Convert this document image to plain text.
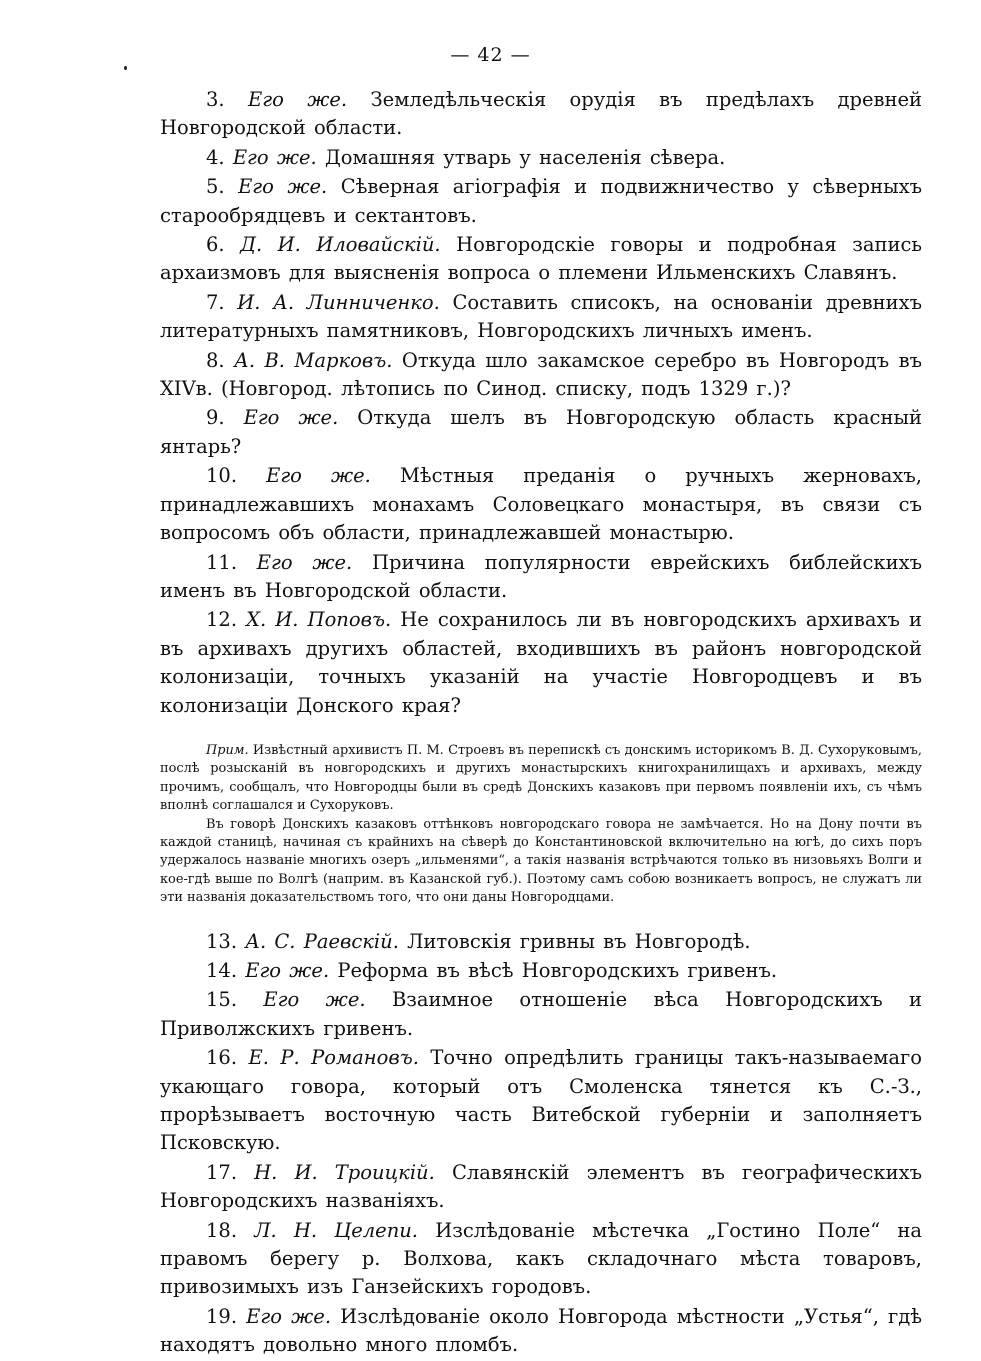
— 42 —

3. Его же. Земледѣльческія орудія въ предѣлахъ древней Новгородской области.

4. Его же. Домашняя утварь у населенія сѣвера.

5. Его же. Сѣверная агіографія и подвижничество у сѣверныхъ старообрядцевъ и сектантовъ.

6. Д. И. Иловайскій. Новгородскіе говоры и подробная запись архаизмовъ для выясненія вопроса о племени Ильменскихъ Славянъ.

7. И. А. Линниченко. Составить списокъ, на основаніи древнихъ литературныхъ памятниковъ, Новгородскихъ личныхъ именъ.

8. А. В. Марковъ. Откуда шло закамское серебро въ Новгородъ въ XIVв. (Новгород. лѣтопись по Синод. списку, подъ 1329 г.)?

9. Его же. Откуда шелъ въ Новгородскую область красный янтарь?

10. Его же. Мѣстныя преданія о ручныхъ жерновахъ, принадлежавшихъ монахамъ Соловецкаго монастыря, въ связи съ вопросомъ объ области, принадлежавшей монастырю.

11. Его же. Причина популярности еврейскихъ библейскихъ именъ въ Новгородской области.

12. Х. И. Поповъ. Не сохранилось ли въ новгородскихъ архивахъ и въ архивахъ другихъ областей, входившихъ въ районъ новгородской колонизаціи, точныхъ указаній на участіе Новгородцевъ и въ колонизаціи Донского края?

Прим. Извѣстный архивистъ П. М. Строевъ въ перепискѣ съ донскимъ историкомъ В. Д. Сухоруковымъ, послѣ розысканій въ новгородскихъ и другихъ монастырскихъ книгохранилищахъ и архивахъ, между прочимъ, сообщалъ, что Новгородцы были въ средѣ Донскихъ казаковъ при первомъ появленіи ихъ, съ чѣмъ вполнѣ соглашался и Сухоруковъ.

Въ говорѣ Донскихъ казаковъ оттѣнковъ новгородскаго говора не замѣчается. Но на Дону почти въ каждой станицѣ, начиная съ крайнихъ на сѣверѣ до Константиновской включительно на югѣ, до сихъ поръ удержалось названіе многихъ озеръ „ильменями“, а такія названія встрѣчаются только въ низовьяхъ Волги и кое-гдѣ выше по Волгѣ (наприм. въ Казанской губ.). Поэтому самъ собою возникаетъ вопросъ, не служатъ ли эти названія доказательствомъ того, что они даны Новгородцами.

13. А. С. Раевскій. Литовскія гривны въ Новгородѣ.

14. Его же. Реформа въ вѣсѣ Новгородскихъ гривенъ.

15. Его же. Взаимное отношеніе вѣса Новгородскихъ и Приволжскихъ гривенъ.

16. Е. Р. Романовъ. Точно опредѣлить границы такъ-называемаго укающаго говора, который отъ Смоленска тянется къ С.-З., прорѣзываетъ восточную часть Витебской губерніи и заполняетъ Псковскую.

17. Н. И. Троицкій. Славянскій элементъ въ географическихъ Новгородскихъ названіяхъ.

18. Л. Н. Целепи. Изслѣдованіе мѣстечка „Гостино Поле“ на правомъ берегу р. Волхова, какъ складочнаго мѣста товаровъ, привозимыхъ изъ Ганзейскихъ городовъ.

19. Его же. Изслѣдованіе около Новгорода мѣстности „Устья“, гдѣ находятъ довольно много пломбъ.
